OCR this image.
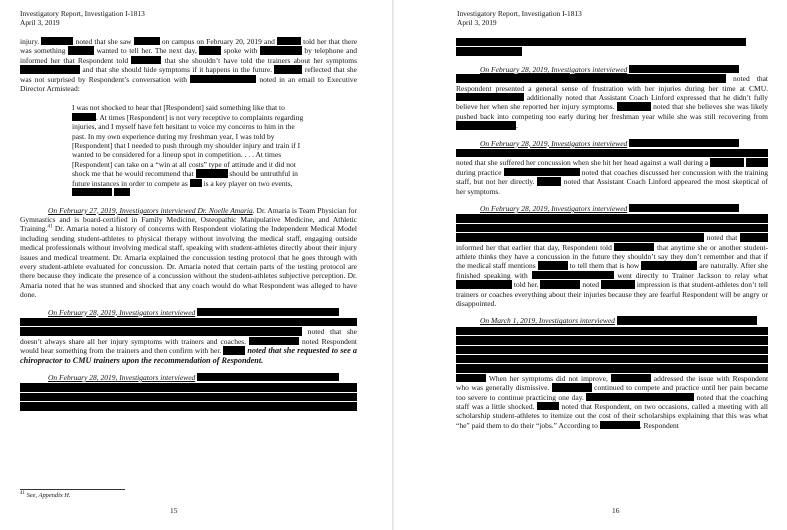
Investigatory Report, Investigation I-1813
April 3, 2019

injury.	noted that she saw	on campus on February 20, 2019 and	told her that there was something	wanted to tell her. The next day,	spoke with	by telephone and informed her that Respondent told	that she shouldn’t have told the trainers about her symptoms  and that she should hide symptoms if it happens in the future.	reflected that she was not surprised by Respondent’s conversation with	noted in an email to Executive Director Armistead:

I was not shocked to hear that [Respondent] said something like that to . At times [Respondent] is not very receptive to complaints regarding injuries, and I myself have felt hesitant to voice my concerns to him in the past. In my own experience during my freshman year, I was told by [Respondent] that I needed to push through my shoulder injury and train if I wanted to be considered for a lineup spot in competition. . . . At times [Respondent] can take on a “win at all costs” type of attitude and it did not shock me that he would recommend that	should be untruthful in future instances in order to compete as is a key player on two events,

On February 27, 2019, Investigators interviewed Dr. Noelle Amaria. Dr. Amaria is Team Physician for Gymnastics and is board-certified in Family Medicine, Osteopathic Manipulative Medicine, and Athletic Training.$^{41}$ Dr. Amaria noted a history of concerns with Respondent violating the Independent Medical Model including sending student-athletes to physical therapy without involving the medical staff, engaging outside medical professionals without involving medical staff, speaking with student-athletes directly about their injury issues and medical treatment. Dr. Amaria explained the concussion testing protocol that he goes through with every student-athlete evaluated for concussion. Dr. Amaria noted that certain parts of the testing protocol are there because they indicate the presence of a concussion without the student-athletes subjective perception. Dr. Amaria noted that he was stunned and shocked that any coach would do what Respondent was alleged to have done.

On February 28, 2019, Investigators interviewed

noted that she doesn’t always share all her injury symptoms with trainers and coaches.	noted Respondent would hear something from the trainers and then confirm with her.	noted that she requested to see a chiropractor to CMU trainers upon the recommendation of Respondent.

On February 28, 2019, Investigators interviewed

$^{41}$ See, Appendix H.
15
Investigatory Report, Investigation I-1813
April 3, 2019

On February 28, 2019, Investigators interviewed

noted that Respondent presented a general sense of frustration with her injuries during her time at CMU.  additionally noted that Assistant Coach Linford expressed that he didn’t fully believe her when she reported her injury symptoms.	noted that she believes she was likely pushed back into competing too early during her freshman year while she was still recovering from .

On February 28, 2019, Investigators interviewed

noted that she suffered her concussion when she hit her head against a wall during a   during practice	noted that coaches discussed her concussion with the training staff, but not her directly.	noted that Assistant Coach Linford appeared the most skeptical of her symptoms.

On February 28, 2019, Investigators interviewed

noted that  informed her that earlier that day, Respondent told	that anytime she or another student-athlete thinks they have a concussion in the future they shouldn’t say they don’t remember and that if the medical staff mentions	to tell them that is how	are naturally. After she finished speaking with	went directly to Trainer Jackson to relay what  told her.	noted	impression is that student-athletes don’t tell trainers or coaches everything about their injuries because they are fearful Respondent will be angry or disappointed.

On March 1, 2019, Investigators interviewed

When her symptoms did not improve,	addressed the issue with Respondent who was generally dismissive.	continued to compete and practice until her pain became too severe to continue practicing one day.	noted that the coaching staff was a little shocked.	noted that Respondent, on two occasions, called a meeting with all scholarship student-athletes to itemize out the cost of their scholarships explaining that this was what “he” paid them to do their “jobs.” According to	, Respondent

16
